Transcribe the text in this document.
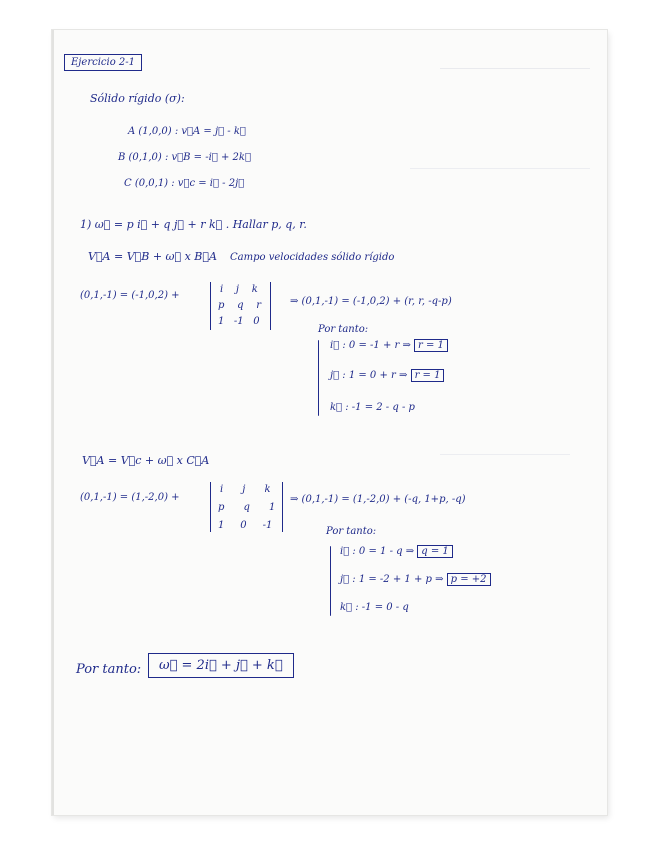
Ejercicio 2-1
Sólido rígido (σ):
A (1,0,0) : v⃗A = j⃗ - k⃗
B (0,1,0) : v⃗B = -i⃗ + 2k⃗
C (0,0,1) : v⃗c = i⃗ - 2j⃗
1) ω⃗ = p i⃗ + q j⃗ + r k⃗ . Hallar p, q, r.
V⃗A = V⃗B + ω⃗ x B⃗A Campo velocidades sólido rígido
(0,1,-1) = (-1,0,2) +
i j k
p q r
1 -1 0
⇒ (0,1,-1) = (-1,0,2) + (r, r, -q-p)
Por tanto:
i⃗ : 0 = -1 + r ⇒ r = 1
j⃗ : 1 = 0 + r ⇒ r = 1
k⃗ : -1 = 2 - q - p
V⃗A = V⃗c + ω⃗ x C⃗A
(0,1,-1) = (1,-2,0) +
i j k
p q 1
1 0 -1
⇒ (0,1,-1) = (1,-2,0) + (-q, 1+p, -q)
Por tanto:
i⃗ : 0 = 1 - q ⇒ q = 1
j⃗ : 1 = -2 + 1 + p ⇒ p = +2
k⃗ : -1 = 0 - q
Por tanto:	ω⃗ = 2i⃗ + j⃗ + k⃗
